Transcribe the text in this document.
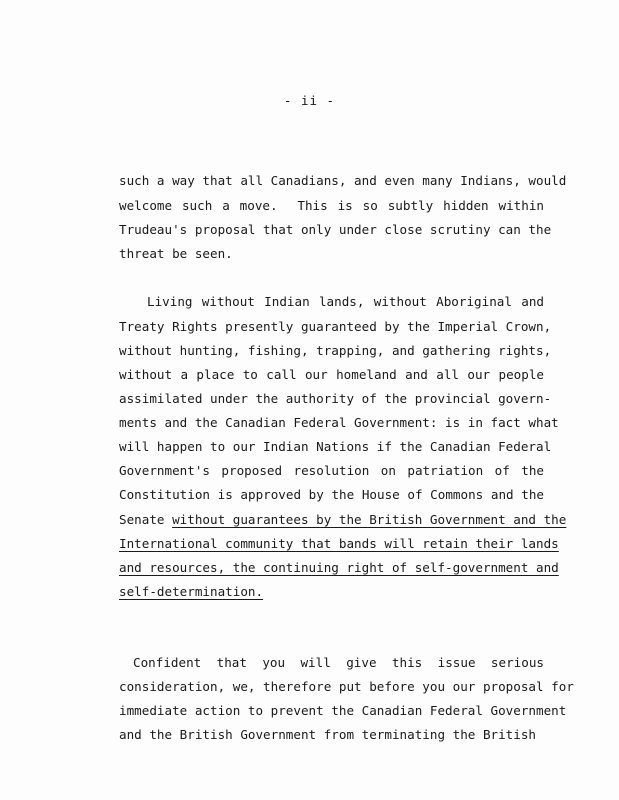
- ii -
such a way that all Canadians, and even many Indians, would
welcome such a move.  This is so subtly hidden within
Trudeau's proposal that only under close scrutiny can the
threat be seen.
Living without Indian lands, without Aboriginal and
Treaty Rights presently guaranteed by the Imperial Crown,
without hunting, fishing, trapping, and gathering rights,
without a place to call our homeland and all our people
assimilated under the authority of the provincial govern-
ments and the Canadian Federal Government: is in fact what
will happen to our Indian Nations if the Canadian Federal
Government's proposed resolution on patriation of the
Constitution is approved by the House of Commons and the
Senate without guarantees by the British Government and the
International community that bands will retain their lands
and resources, the continuing right of self-government and
self-determination.
Confident that you will give this issue serious
consideration, we, therefore put before you our proposal for
immediate action to prevent the Canadian Federal Government
and the British Government from terminating the British
